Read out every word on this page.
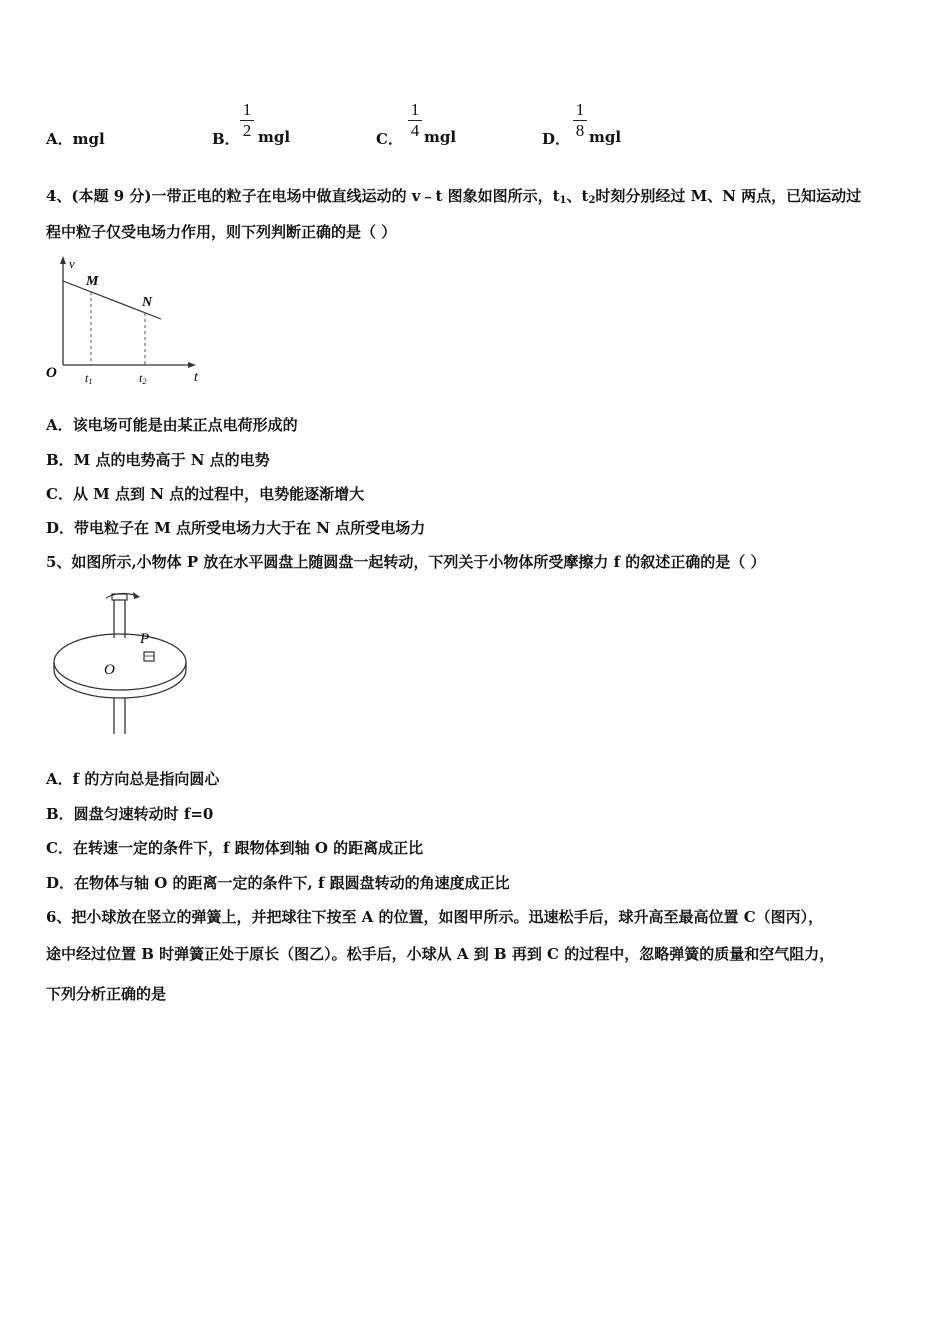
A．mgl	B．
1
2 mgl	C．
1
4 mgl	D．
1
8 mgl
4、(本题 9 分)一带正电的粒子在电场中做直线运动的 v﹣t 图象如图所示，$t_1$、$t_2$时刻分别经过 M、N 两点，已知运动过
程中粒子仅受电场力作用，则下列判断正确的是（ ）
v
t
O
M
N
t1	t2
A．该电场可能是由某正点电荷形成的
B．M 点的电势高于 N 点的电势
C．从 M 点到 N 点的过程中，电势能逐渐增大
D．带电粒子在 M 点所受电场力大于在 N 点所受电场力
5、如图所示,小物体 P 放在水平圆盘上随圆盘一起转动，下列关于小物体所受摩擦力 f 的叙述正确的是（ ）
P
O
A．f 的方向总是指向圆心
B．圆盘匀速转动时 f=0
C．在转速一定的条件下，f 跟物体到轴 O 的距离成正比
D．在物体与轴 O 的距离一定的条件下, f 跟圆盘转动的角速度成正比
6、把小球放在竖立的弹簧上，并把球往下按至 A 的位置，如图甲所示。迅速松手后，球升高至最高位置 C（图丙），
途中经过位置 B 时弹簧正处于原长（图乙）。松手后，小球从 A 到 B 再到 C 的过程中，忽略弹簧的质量和空气阻力，
下列分析正确的是
